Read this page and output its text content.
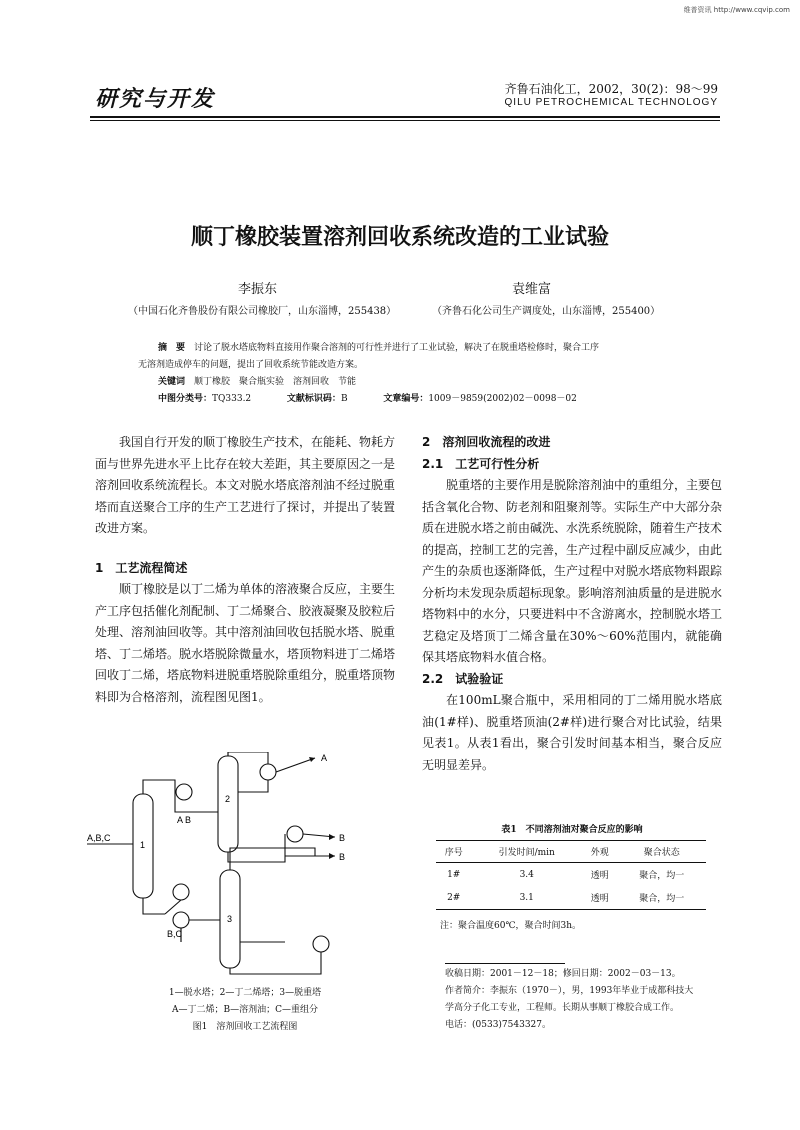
维普资讯 http://www.cqvip.com
研究与开发	齐鲁石油化工，2002，30(2)：98～99
QILU PETROCHEMICAL TECHNOLOGY
顺丁橡胶装置溶剂回收系统改造的工业试验
李振东	袁维富
（中国石化齐鲁股份有限公司橡胶厂，山东淄博，255438）	（齐鲁石化公司生产调度处，山东淄博，255400）
摘　要　 讨论了脱水塔底物料直接用作聚合溶剂的可行性并进行了工业试验，解决了在脱重塔检修时，聚合工序
无溶剂造成停车的问题，提出了回收系统节能改造方案。
关键词　 顺丁橡胶　聚合瓶实验　溶剂回收　节能
中图分类号：TQ333.2	文献标识码：B	文章编号：1009－9859(2002)02－0098－02

我国自行开发的顺丁橡胶生产技术，在能耗、物耗方面与世界先进水平上比存在较大差距，其主要原因之一是溶剂回收系统流程长。本文对脱水塔底溶剂油不经过脱重塔而直送聚合工序的生产工艺进行了探讨，并提出了装置改进方案。

1　工艺流程简述

顺丁橡胶是以丁二烯为单体的溶液聚合反应，主要生产工序包括催化剂配制、丁二烯聚合、胶液凝聚及胶粒后处理、溶剂油回收等。其中溶剂油回收包括脱水塔、脱重塔、丁二烯塔。脱水塔脱除微量水，塔顶物料进丁二烯塔回收丁二烯，塔底物料进脱重塔脱除重组分，脱重塔顶物料即为合格溶剂，流程图见图1。

A,B,C
1
2
3
A
A B
B
B
B,C
1—脱水塔；2—丁二烯塔；3—脱重塔
A—丁二烯；B—溶剂油；C—重组分
图1　溶剂回收工艺流程图
2　溶剂回收流程的改进
2.1　工艺可行性分析

脱重塔的主要作用是脱除溶剂油中的重组分，主要包括含氧化合物、防老剂和阻聚剂等。实际生产中大部分杂质在进脱水塔之前由碱洗、水洗系统脱除，随着生产技术的提高，控制工艺的完善，生产过程中副反应减少，由此产生的杂质也逐渐降低，生产过程中对脱水塔底物料跟踪分析均未发现杂质超标现象。影响溶剂油质量的是进脱水塔物料中的水分，只要进料中不含游离水，控制脱水塔工艺稳定及塔顶丁二烯含量在30%～60%范围内，就能确保其塔底物料水值合格。

2.2　试验验证

在100mL聚合瓶中，采用相同的丁二烯用脱水塔底油(1#样)、脱重塔顶油(2#样)进行聚合对比试验，结果见表1。从表1看出，聚合引发时间基本相当，聚合反应无明显差异。

表1　不同溶剂油对聚合反应的影响
序号	引发时间/min	外观	聚合状态
1#	3.4	透明	聚合，均一
2#	3.1	透明	聚合，均一
注：聚合温度60℃，聚合时间3h。
收稿日期：2001－12－18；修回日期：2002－03－13。
作者简介：李振东（1970－），男，1993年毕业于成都科技大
学高分子化工专业，工程师。长期从事顺丁橡胶合成工作。
电话：(0533)7543327。
